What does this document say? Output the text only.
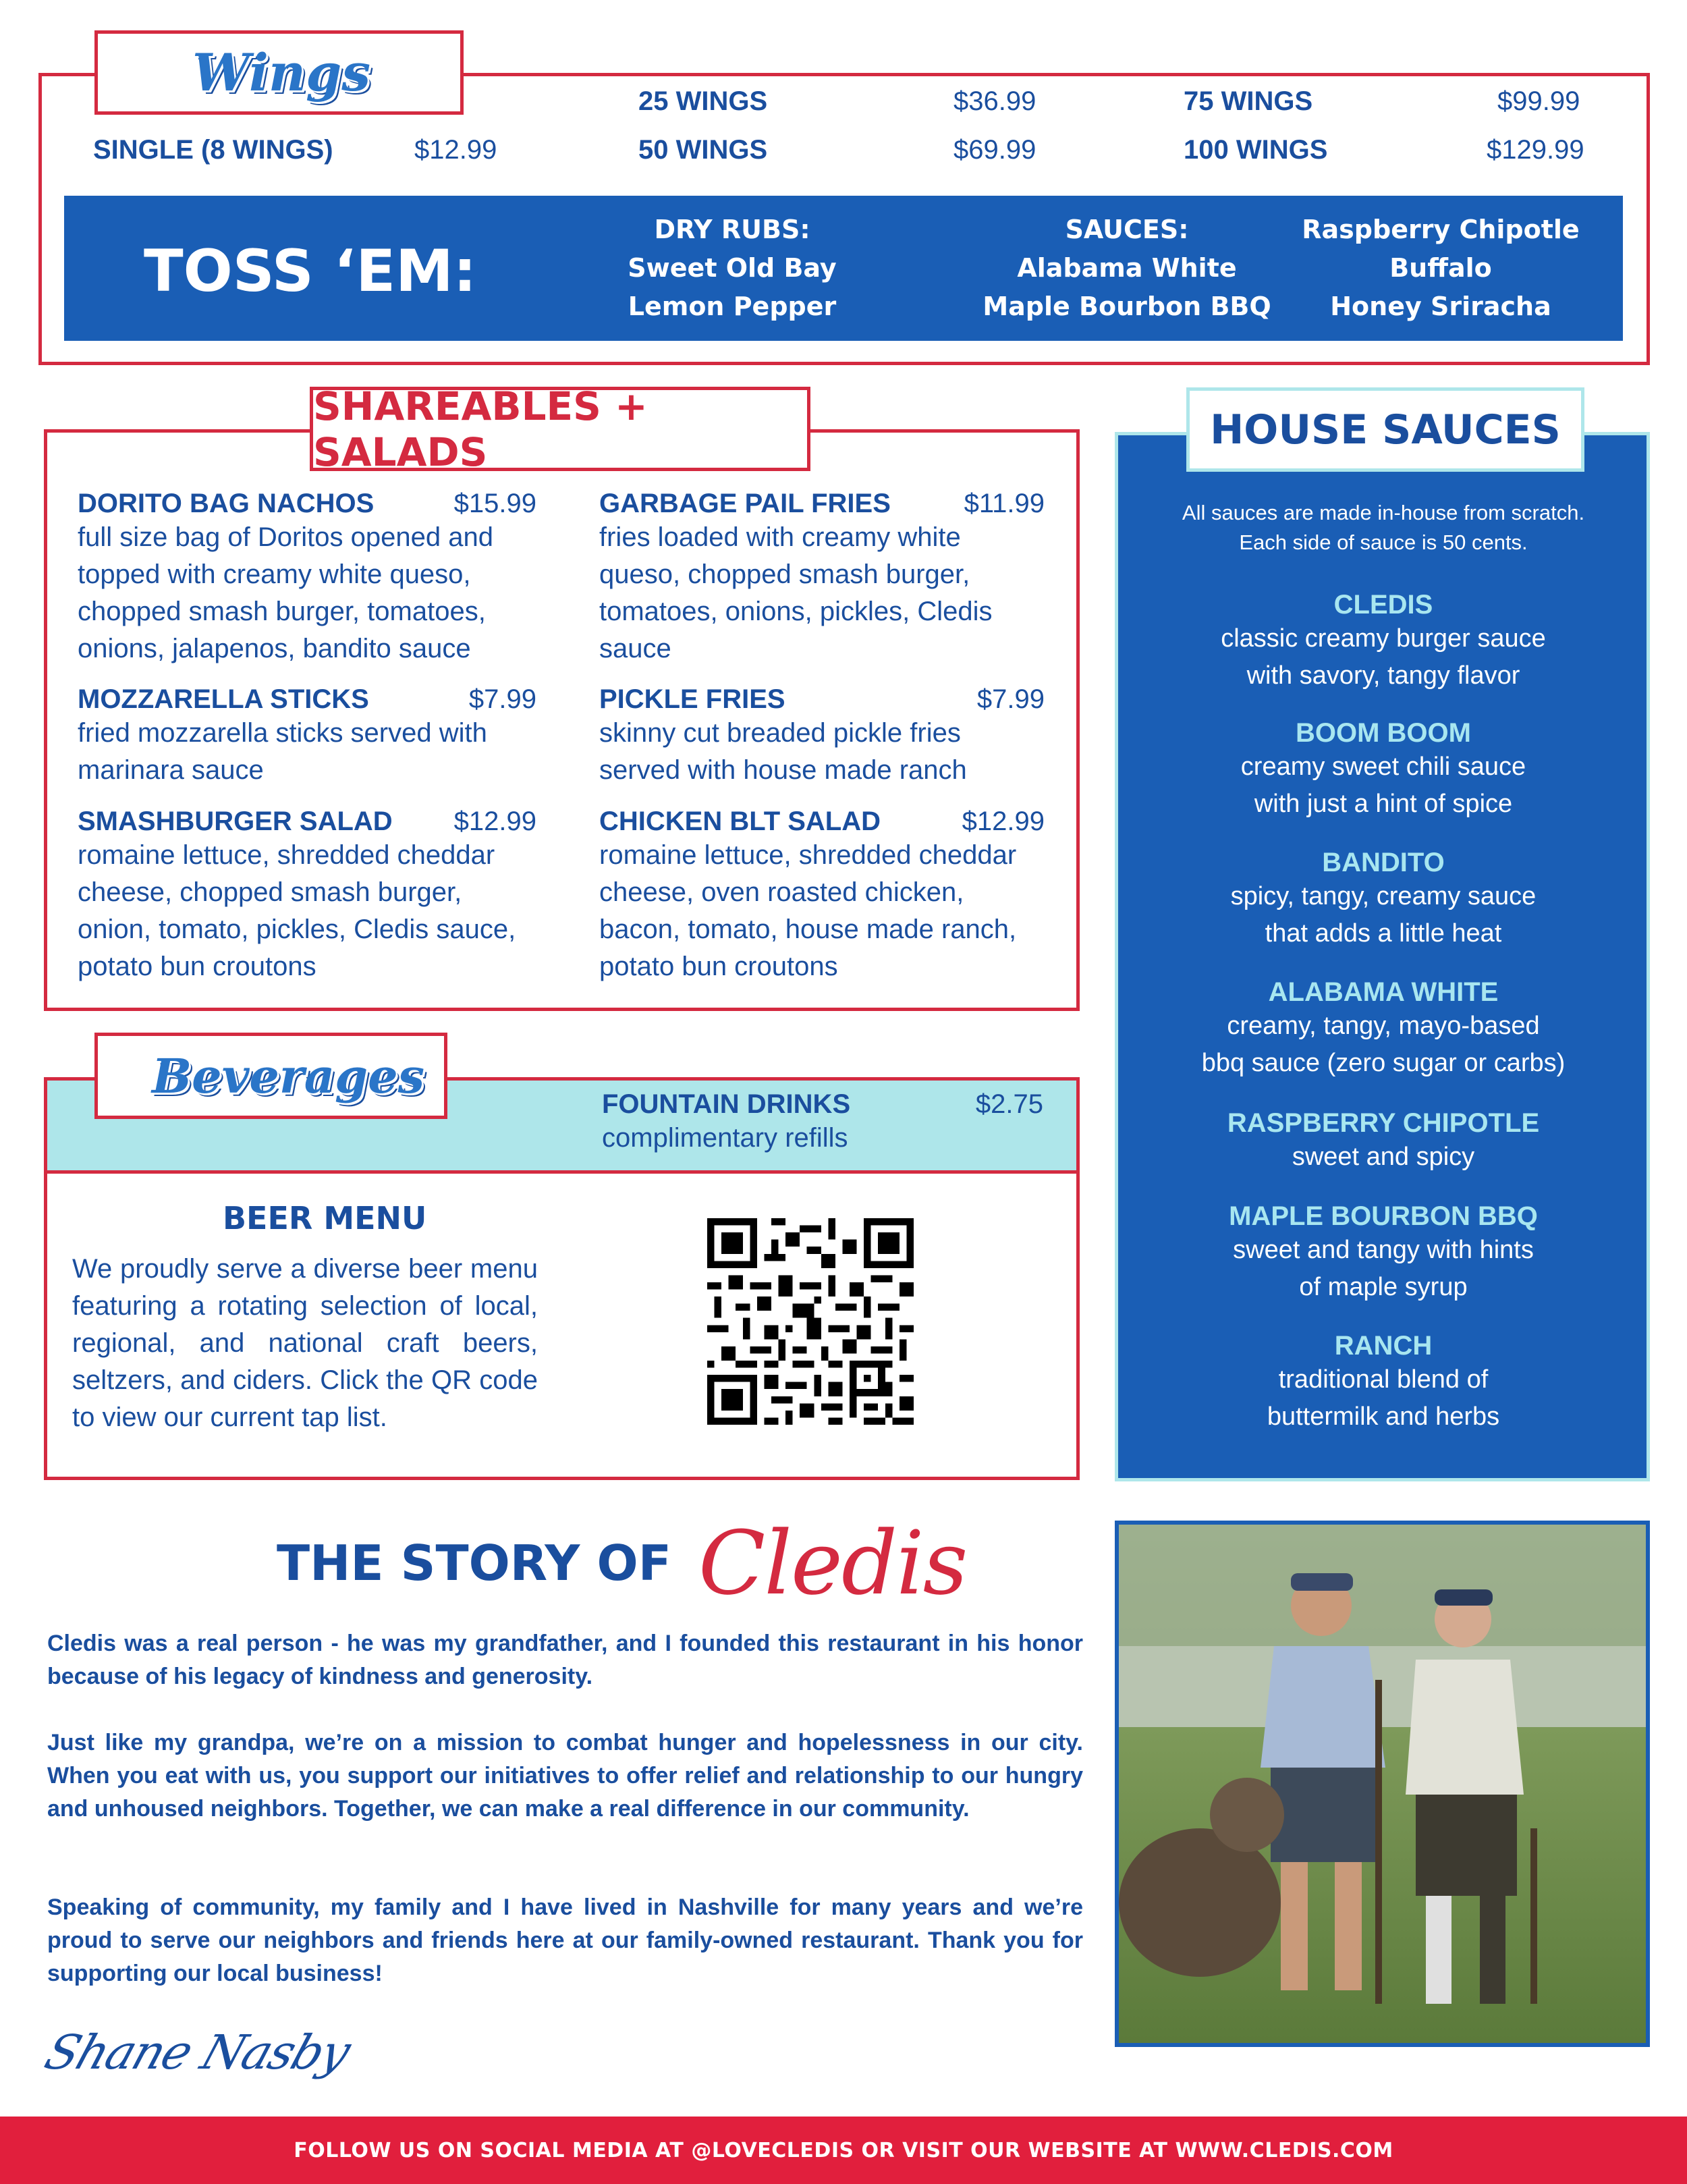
Wings
SINGLE (8 WINGS)	$12.99
25 WINGS	$36.99
50 WINGS	$69.99
75 WINGS	$99.99
100 WINGS	$129.99
TOSS ‘EM:
DRY RUBS:
Sweet Old Bay
Lemon Pepper
SAUCES:
Alabama White
Maple Bourbon BBQ
Raspberry Chipotle
Buffalo
Honey Sriracha
SHAREABLES + SALADS
DORITO BAG NACHOS	$15.99
full size bag of Doritos opened and topped with creamy white queso, chopped smash burger, tomatoes, onions, jalapenos, bandito sauce
MOZZARELLA STICKS	$7.99
fried mozzarella sticks served with marinara sauce
SMASHBURGER SALAD $12.99
romaine lettuce, shredded cheddar cheese, chopped smash burger, onion, tomato, pickles, Cledis sauce, potato bun croutons
GARBAGE PAIL FRIES	$11.99
fries loaded with creamy white queso, chopped smash burger, tomatoes, onions, pickles, Cledis sauce
PICKLE FRIES	$7.99
skinny cut breaded pickle fries served with house made ranch
CHICKEN BLT SALAD	$12.99
romaine lettuce, shredded cheddar cheese, oven roasted chicken, bacon, tomato, house made ranch, potato bun croutons
HOUSE SAUCES
All sauces are made in-house from scratch.
Each side of sauce is 50 cents.
CLEDIS
classic creamy burger sauce
with savory, tangy flavor
BOOM BOOM
creamy sweet chili sauce
with just a hint of spice
BANDITO
spicy, tangy, creamy sauce
that adds a little heat
ALABAMA WHITE
creamy, tangy, mayo-based
bbq sauce (zero sugar or carbs)
RASPBERRY CHIPOTLE
sweet and spicy
MAPLE BOURBON BBQ
sweet and tangy with hints
of maple syrup
RANCH
traditional blend of
buttermilk and herbs
Beverages
FOUNTAIN DRINKS	$2.75
complimentary refills
BEER MENU
We proudly serve a diverse beer menu featuring a rotating selection of local, regional, and national craft beers, seltzers, and ciders. Click the QR code to view our current tap list.
THE STORY OF Cledis
Cledis was a real person - he was my grandfather, and I founded this restaurant in his honor because of his legacy of kindness and generosity.
Just like my grandpa, we’re on a mission to combat hunger and hopelessness in our city. When you eat with us, you support our initiatives to offer relief and relationship to our hungry and unhoused neighbors. Together, we can make a real difference in our community.
Speaking of community, my family and I have lived in Nashville for many years and we’re proud to serve our neighbors and friends here at our family-owned restaurant. Thank you for supporting our local business!
Shane Nasby
FOLLOW US ON SOCIAL MEDIA AT @LOVECLEDIS OR VISIT OUR WEBSITE AT WWW.CLEDIS.COM
